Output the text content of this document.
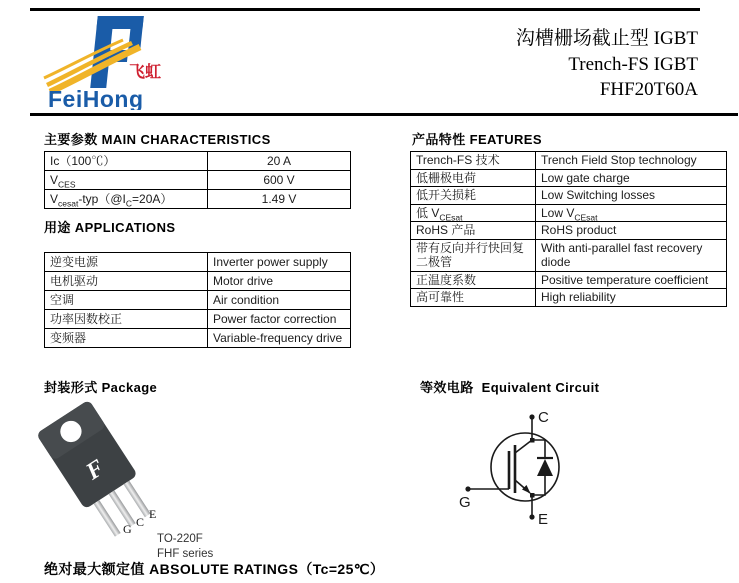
飞虹
FeiHong
沟槽栅场截止型 IGBT
Trench-FS IGBT
FHF20T60A
主要参数 MAIN CHARACTERISTICS
Ic（100℃）	20 A
$V_{CES}$	600 V
$V_{cesat}-typ(@I_C=20A)$	1.49 V
用途 APPLICATIONS
逆变电源	Inverter power supply
电机驱动	Motor drive
空调	Air condition
功率因数校正	Power factor correction
变频器	Variable-frequency drive
产品特性 FEATURES
Trench-FS 技术	Trench Field Stop technology
低栅极电荷	Low gate charge
低开关损耗	Low Switching losses
低 $V_{CEsat}$	Low $V_{CEsat}$
RoHS 产品	RoHS product
带有反向并行快回复二极管	With anti-parallel fast recovery diode
正温度系数	Positive temperature coefficient
高可靠性	High reliability
封装形式 Package
F
G C
E
TO-220F
FHF series
等效电路  Equivalent Circuit
C
G
E
绝对最大额定值 ABSOLUTE RATINGS（Tc=25℃）
